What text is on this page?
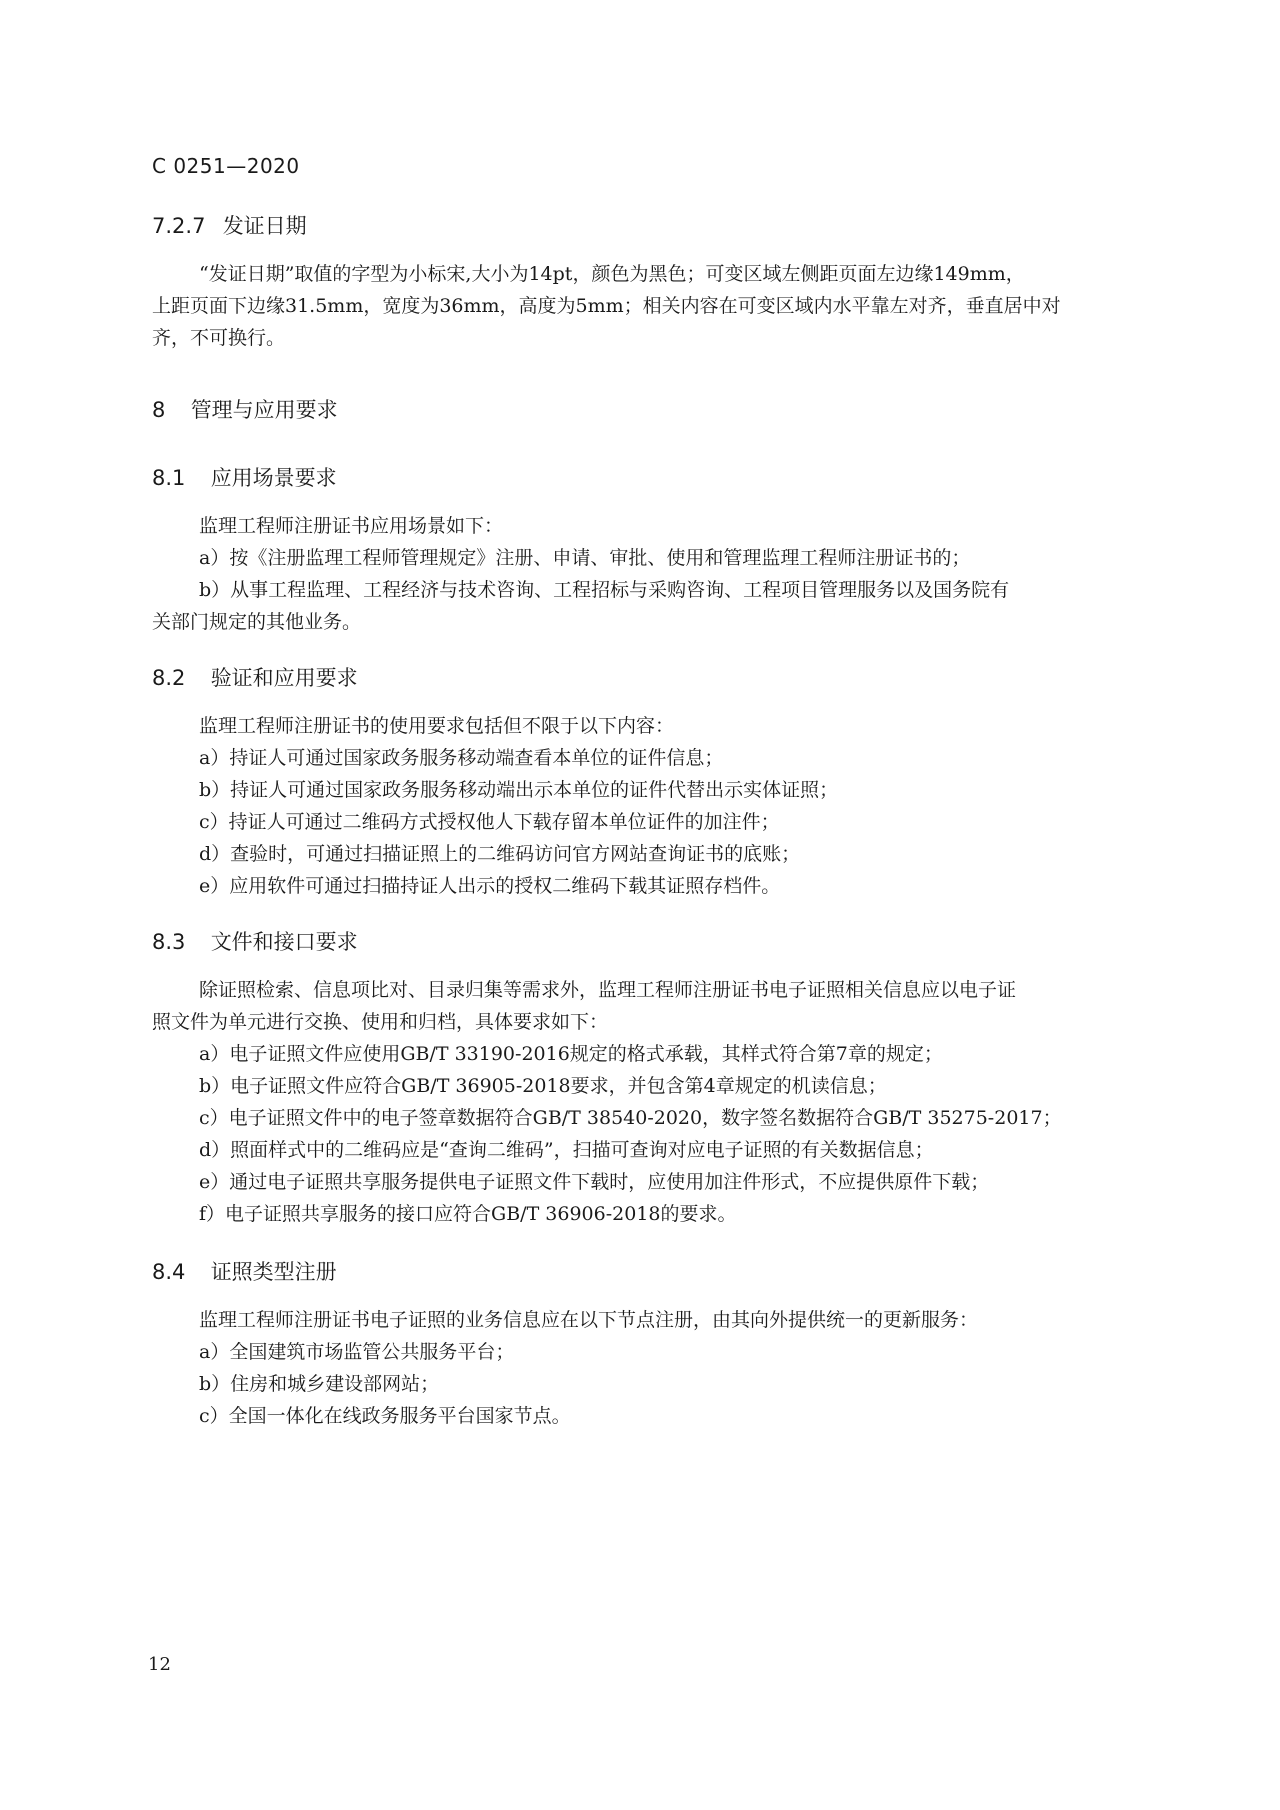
C 0251—2020
7.2.7 发证日期
“发证日期”取值的字型为小标宋,大小为14pt，颜色为黑色；可变区域左侧距页面左边缘149mm，
上距页面下边缘31.5mm，宽度为36mm，高度为5mm；相关内容在可变区域内水平靠左对齐，垂直居中对
齐，不可换行。
8 管理与应用要求
8.1 应用场景要求
监理工程师注册证书应用场景如下：
a）按《注册监理工程师管理规定》注册、申请、审批、使用和管理监理工程师注册证书的；
b）从事工程监理、工程经济与技术咨询、工程招标与采购咨询、工程项目管理服务以及国务院有
关部门规定的其他业务。
8.2 验证和应用要求
监理工程师注册证书的使用要求包括但不限于以下内容：
a）持证人可通过国家政务服务移动端查看本单位的证件信息；
b）持证人可通过国家政务服务移动端出示本单位的证件代替出示实体证照；
c）持证人可通过二维码方式授权他人下载存留本单位证件的加注件；
d）查验时，可通过扫描证照上的二维码访问官方网站查询证书的底账；
e）应用软件可通过扫描持证人出示的授权二维码下载其证照存档件。
8.3 文件和接口要求
除证照检索、信息项比对、目录归集等需求外，监理工程师注册证书电子证照相关信息应以电子证
照文件为单元进行交换、使用和归档，具体要求如下：
a）电子证照文件应使用GB/T 33190-2016规定的格式承载，其样式符合第7章的规定；
b）电子证照文件应符合GB/T 36905-2018要求，并包含第4章规定的机读信息；
c）电子证照文件中的电子签章数据符合GB/T 38540-2020，数字签名数据符合GB/T 35275-2017；
d）照面样式中的二维码应是“查询二维码”，扫描可查询对应电子证照的有关数据信息；
e）通过电子证照共享服务提供电子证照文件下载时，应使用加注件形式，不应提供原件下载；
f）电子证照共享服务的接口应符合GB/T 36906-2018的要求。
8.4 证照类型注册
监理工程师注册证书电子证照的业务信息应在以下节点注册，由其向外提供统一的更新服务：
a）全国建筑市场监管公共服务平台；
b）住房和城乡建设部网站；
c）全国一体化在线政务服务平台国家节点。
12
